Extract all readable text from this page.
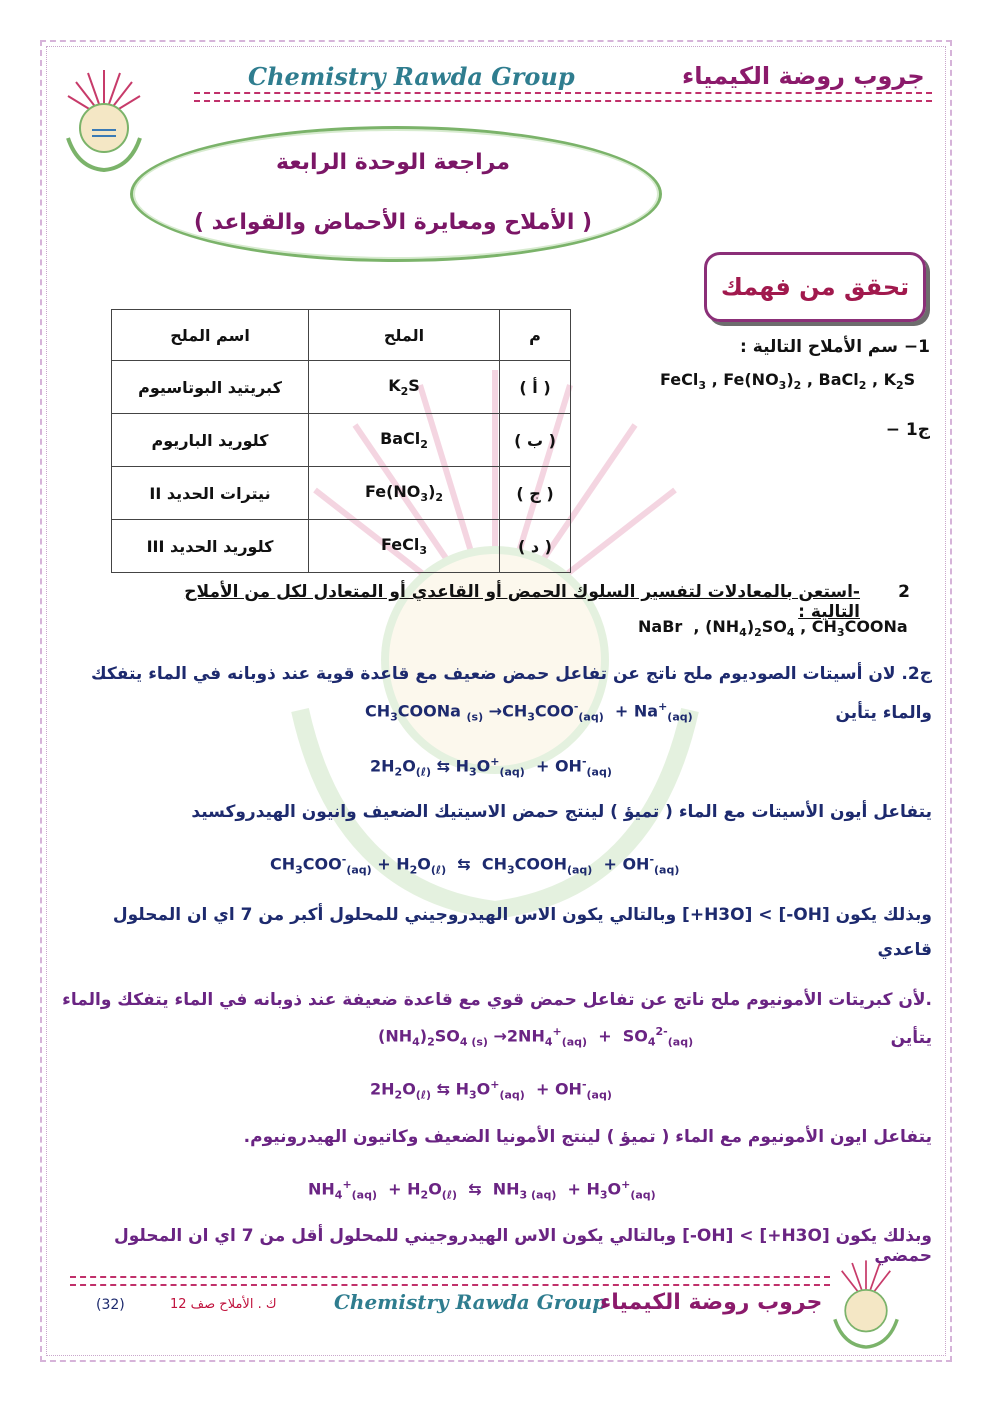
Chemistry Rawda Group	جروب روضة الكيمياء
مراجعة الوحدة الرابعة
( الأملاح ومعايرة الأحماض والقواعد )
تحقق من فهمك
م	الملح	اسم الملح
( أ )	$K_2S$	كبريتيد البوتاسيوم
( ب )	BaCl$_2$	كلوريد الباريوم
( ج )	$Fe(NO_3)_2$	نيترات الحديد II
( د )	FeCl$_3$	كلوريد الحديد III
1− سم الأملاح التالية :
FeCl$_3$ , $Fe(NO_3)_2$ , BaCl$_2$ , $K_2S$
ج1 −
-استعن بالمعادلات لتفسير السلوك الحمض أو القاعدي أو المتعادل لكل من الأملاح التالية :
2
NaBr  , $(NH_4)_2SO_4$ , $CH_3COONa$
ج2. لان أسيتات الصوديوم ملح ناتج عن تفاعل حمض ضعيف مع قاعدة قوية عند ذوبانه في الماء يتفكك
والماء يتأين
$CH_3COONa$ $_{(s)} \to CH_3COO^-_{(aq)} + Na^+_{(aq)}$
$2H_2O_{(\ell)}$ ⇆ $H_3O^+_{(aq)} + OH^-_{(aq)}$
يتفاعل أيون الأسيتات مع الماء ( تميؤ ) لينتج حمض الاسيتيك الضعيف وانيون الهيدروكسيد
$CH_3COO^-_{(aq)} + H_2O_{(\ell)}$  ⇆  $CH_3COOH_{(aq)} + OH^-_{(aq)}$
وبذلك يكون [OH-] > [H3O+] وبالتالي يكون الاس الهيدروجيني للمحلول أكبر من 7 اي ان المحلول
قاعدي
.لأن كبريتات الأمونيوم ملح ناتج عن تفاعل حمض قوي مع قاعدة ضعيفة عند ذوبانه في الماء يتفكك والماء
يتأين
$(NH_4)_2SO_{4 (s)} \to 2NH_4^+_{(aq)} + SO_4^{2-}_{(aq)}$
$2H_2O_{(\ell)}$ ⇆ $H_3O^+_{(aq)} + OH^-_{(aq)}$
يتفاعل ايون الأمونيوم مع الماء ( تميؤ ) لينتج الأمونيا الضعيف وكاتيون الهيدرونيوم.
$NH_4^+_{(aq)} + H_2O_{(\ell)}$  ⇆  $NH_{3 (aq)} + H_3O^+_{(aq)}$
وبذلك يكون [H3O+] > [OH-] وبالتالي يكون الاس الهيدروجيني للمحلول أقل من 7 اي ان المحلول حمضي
(32)	ك . الأملاح صف 12	Chemistry Rawda Group
جروب روضة الكيمياء
